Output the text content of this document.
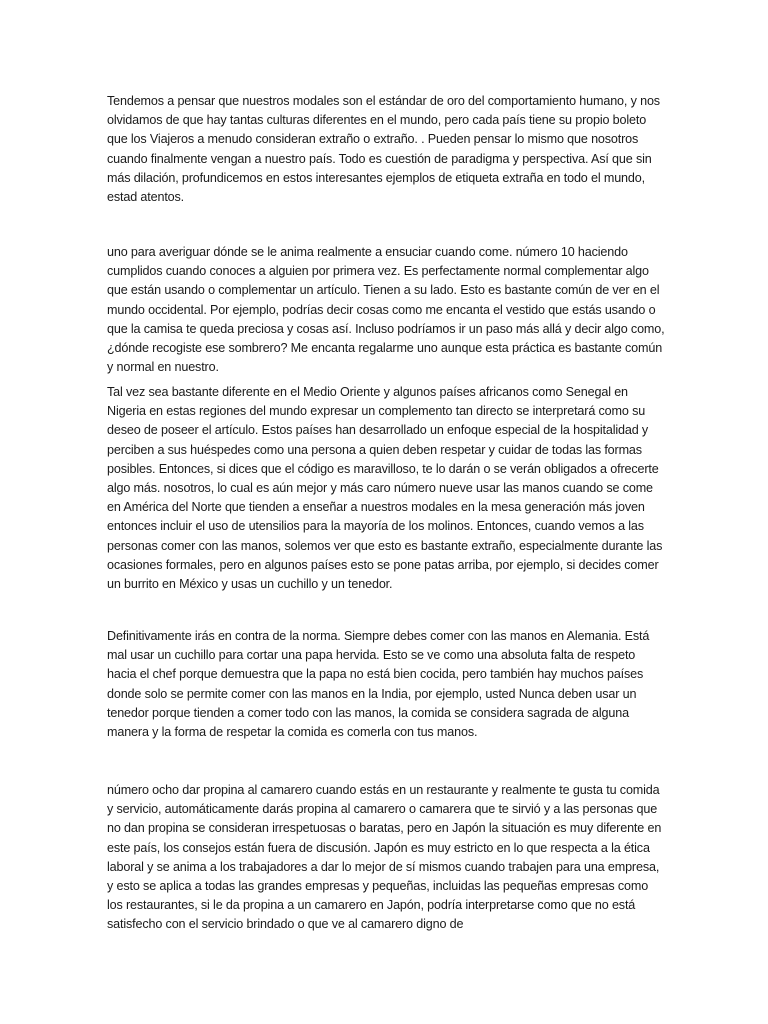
Tendemos a pensar que nuestros modales son el estándar de oro del comportamiento humano, y nos olvidamos de que hay tantas culturas diferentes en el mundo, pero cada país tiene su propio boleto que los Viajeros a menudo consideran extraño o extraño. . Pueden pensar lo mismo que nosotros cuando finalmente vengan a nuestro país. Todo es cuestión de paradigma y perspectiva. Así que sin más dilación, profundicemos en estos interesantes ejemplos de etiqueta extraña en todo el mundo, estad atentos.

uno para averiguar dónde se le anima realmente a ensuciar cuando come. número 10 haciendo cumplidos cuando conoces a alguien por primera vez. Es perfectamente normal complementar algo que están usando o complementar un artículo. Tienen a su lado. Esto es bastante común de ver en el mundo occidental. Por ejemplo, podrías decir cosas como me encanta el vestido que estás usando o que la camisa te queda preciosa y cosas así. Incluso podríamos ir un paso más allá y decir algo como, ¿dónde recogiste ese sombrero? Me encanta regalarme uno aunque esta práctica es bastante común y normal en nuestro.

Tal vez sea bastante diferente en el Medio Oriente y algunos países africanos como Senegal en Nigeria en estas regiones del mundo expresar un complemento tan directo se interpretará como su deseo de poseer el artículo. Estos países han desarrollado un enfoque especial de la hospitalidad y perciben a sus huéspedes como una persona a quien deben respetar y cuidar de todas las formas posibles. Entonces, si dices que el código es maravilloso, te lo darán o se verán obligados a ofrecerte algo más. nosotros, lo cual es aún mejor y más caro número nueve usar las manos cuando se come en América del Norte que tienden a enseñar a nuestros modales en la mesa generación más joven entonces incluir el uso de utensilios para la mayoría de los molinos. Entonces, cuando vemos a las personas comer con las manos, solemos ver que esto es bastante extraño, especialmente durante las ocasiones formales, pero en algunos países esto se pone patas arriba, por ejemplo, si decides comer un burrito en México y usas un cuchillo y un tenedor.

Definitivamente irás en contra de la norma. Siempre debes comer con las manos en Alemania. Está mal usar un cuchillo para cortar una papa hervida. Esto se ve como una absoluta falta de respeto hacia el chef porque demuestra que la papa no está bien cocida, pero también hay muchos países donde solo se permite comer con las manos en la India, por ejemplo, usted Nunca deben usar un tenedor porque tienden a comer todo con las manos, la comida se considera sagrada de alguna manera y la forma de respetar la comida es comerla con tus manos.

número ocho dar propina al camarero cuando estás en un restaurante y realmente te gusta tu comida y servicio, automáticamente darás propina al camarero o camarera que te sirvió y a las personas que no dan propina se consideran irrespetuosas o baratas, pero en Japón la situación es muy diferente en este país, los consejos están fuera de discusión. Japón es muy estricto en lo que respecta a la ética laboral y se anima a los trabajadores a dar lo mejor de sí mismos cuando trabajen para una empresa, y esto se aplica a todas las grandes empresas y pequeñas, incluidas las pequeñas empresas como los restaurantes, si le da propina a un camarero en Japón, podría interpretarse como que no está satisfecho con el servicio brindado o que ve al camarero digno de
